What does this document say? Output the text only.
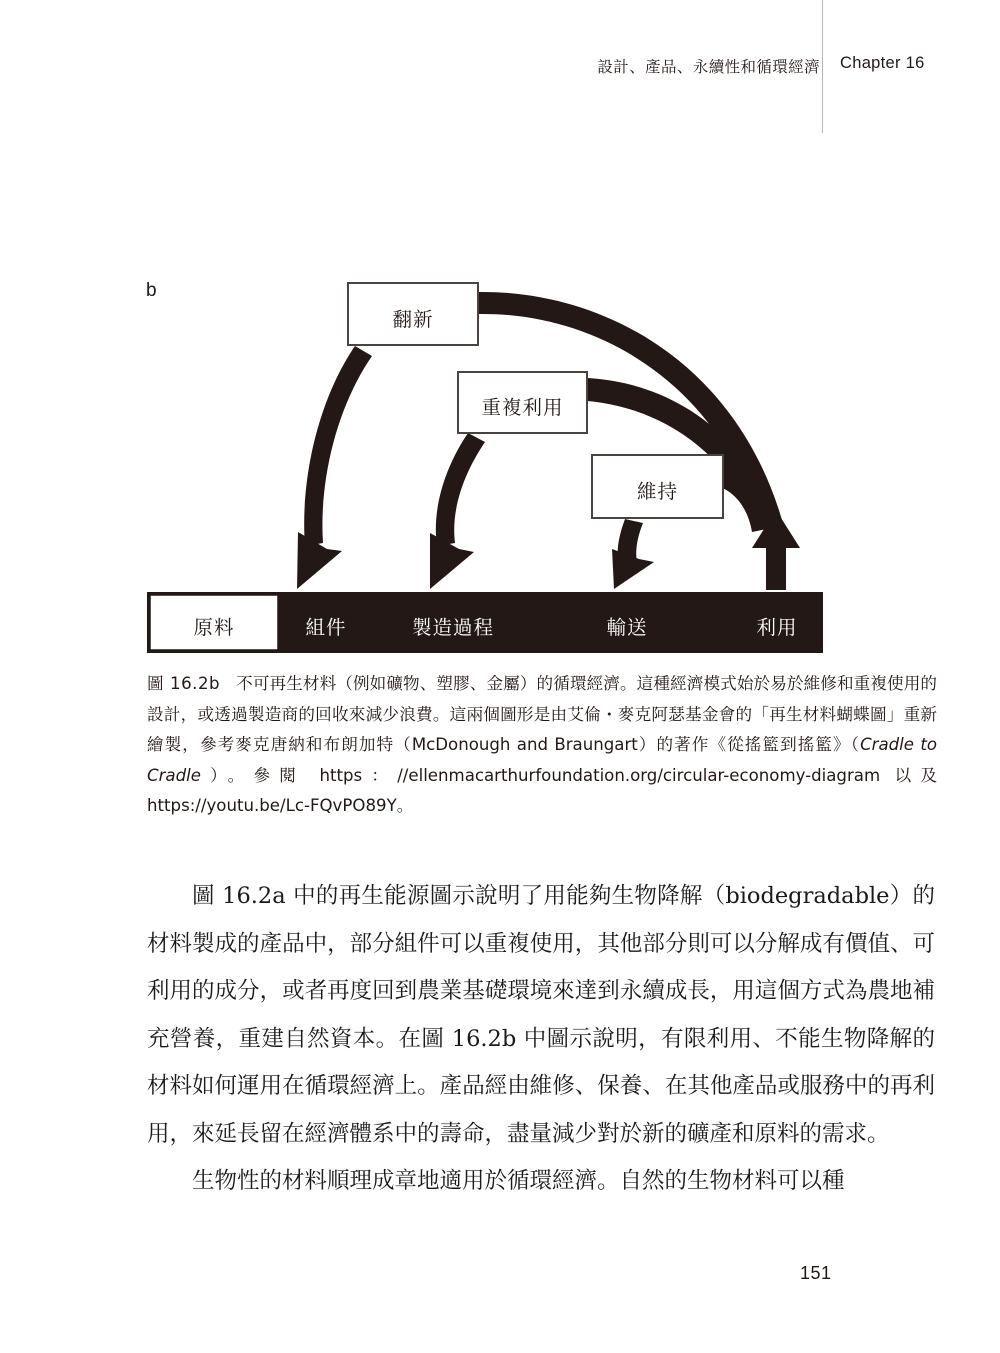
設計、產品、永續性和循環經濟 Chapter 16
b
翻新
重複利用
維持
原料	組件	製造過程	輸送	利用
圖 16.2b 不可再生材料（例如礦物、塑膠、金屬）的循環經濟。這種經濟模式始於易於維修和重複使用的設計，或透過製造商的回收來減少浪費。這兩個圖形是由艾倫・麥克阿瑟基金會的「再生材料蝴蝶圖」重新繪製，參考麥克唐納和布朗加特（McDonough and Braungart）的著作《從搖籃到搖籃》（Cradle to Cradle）。參閱 https：//ellenmacarthurfoundation.org/circular-economy-diagram 以及 https://youtu.be/Lc-FQvPO89Y。

圖 16.2a 中的再生能源圖示說明了用能夠生物降解（biodegradable）的材料製成的產品中，部分組件可以重複使用，其他部分則可以分解成有價值、可利用的成分，或者再度回到農業基礎環境來達到永續成長，用這個方式為農地補充營養，重建自然資本。在圖 16.2b 中圖示說明，有限利用、不能生物降解的材料如何運用在循環經濟上。產品經由維修、保養、在其他產品或服務中的再利用，來延長留在經濟體系中的壽命，盡量減少對於新的礦產和原料的需求。

生物性的材料順理成章地適用於循環經濟。自然的生物材料可以種

151
